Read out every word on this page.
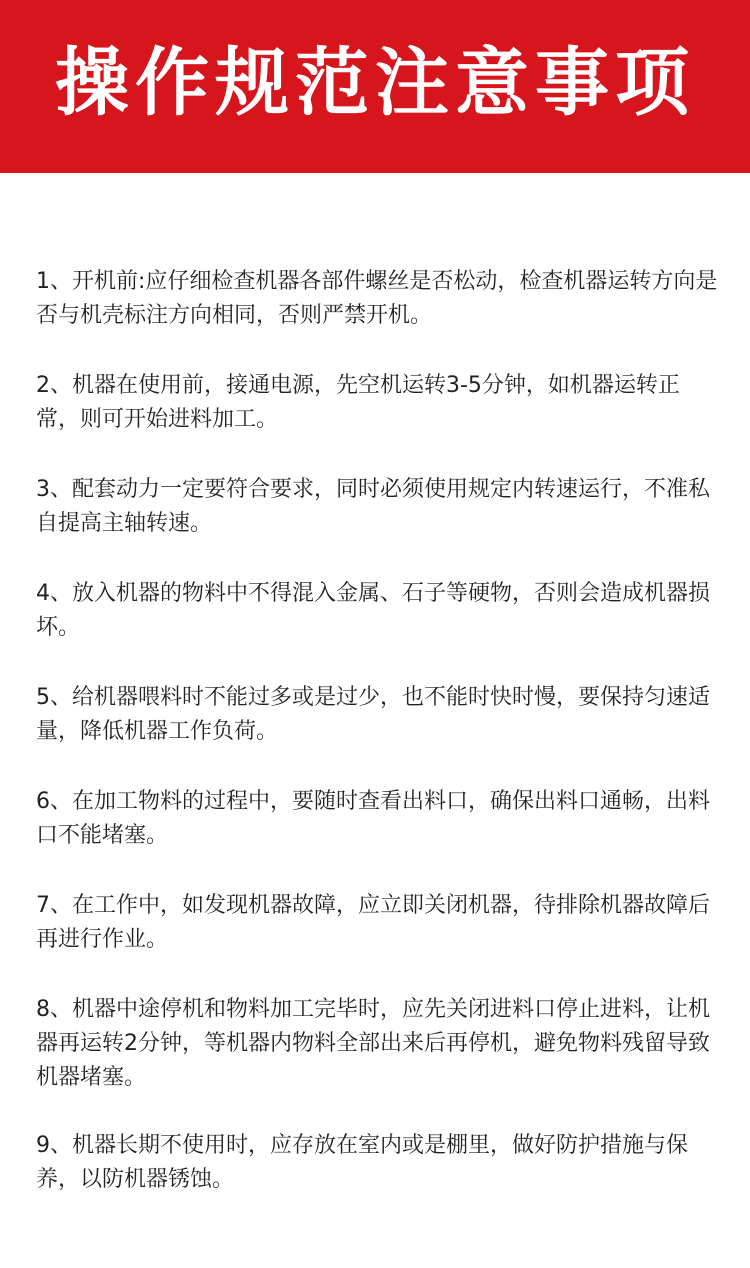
操作规范注意事项

1、开机前:应仔细检查机器各部件螺丝是否松动，检查机器运转方向是否与机壳标注方向相同，否则严禁开机。

2、机器在使用前，接通电源，先空机运转3-5分钟，如机器运转正常，则可开始进料加工。

3、配套动力一定要符合要求，同时必须使用规定内转速运行，不准私自提高主轴转速。

4、放入机器的物料中不得混入金属、石子等硬物，否则会造成机器损坏。

5、给机器喂料时不能过多或是过少，也不能时快时慢，要保持匀速适量，降低机器工作负荷。

6、在加工物料的过程中，要随时查看出料口，确保出料口通畅，出料口不能堵塞。

7、在工作中，如发现机器故障，应立即关闭机器，待排除机器故障后再进行作业。

8、机器中途停机和物料加工完毕时，应先关闭进料口停止进料，让机器再运转2分钟，等机器内物料全部出来后再停机，避免物料残留导致机器堵塞。

9、机器长期不使用时，应存放在室内或是棚里，做好防护措施与保养，以防机器锈蚀。
